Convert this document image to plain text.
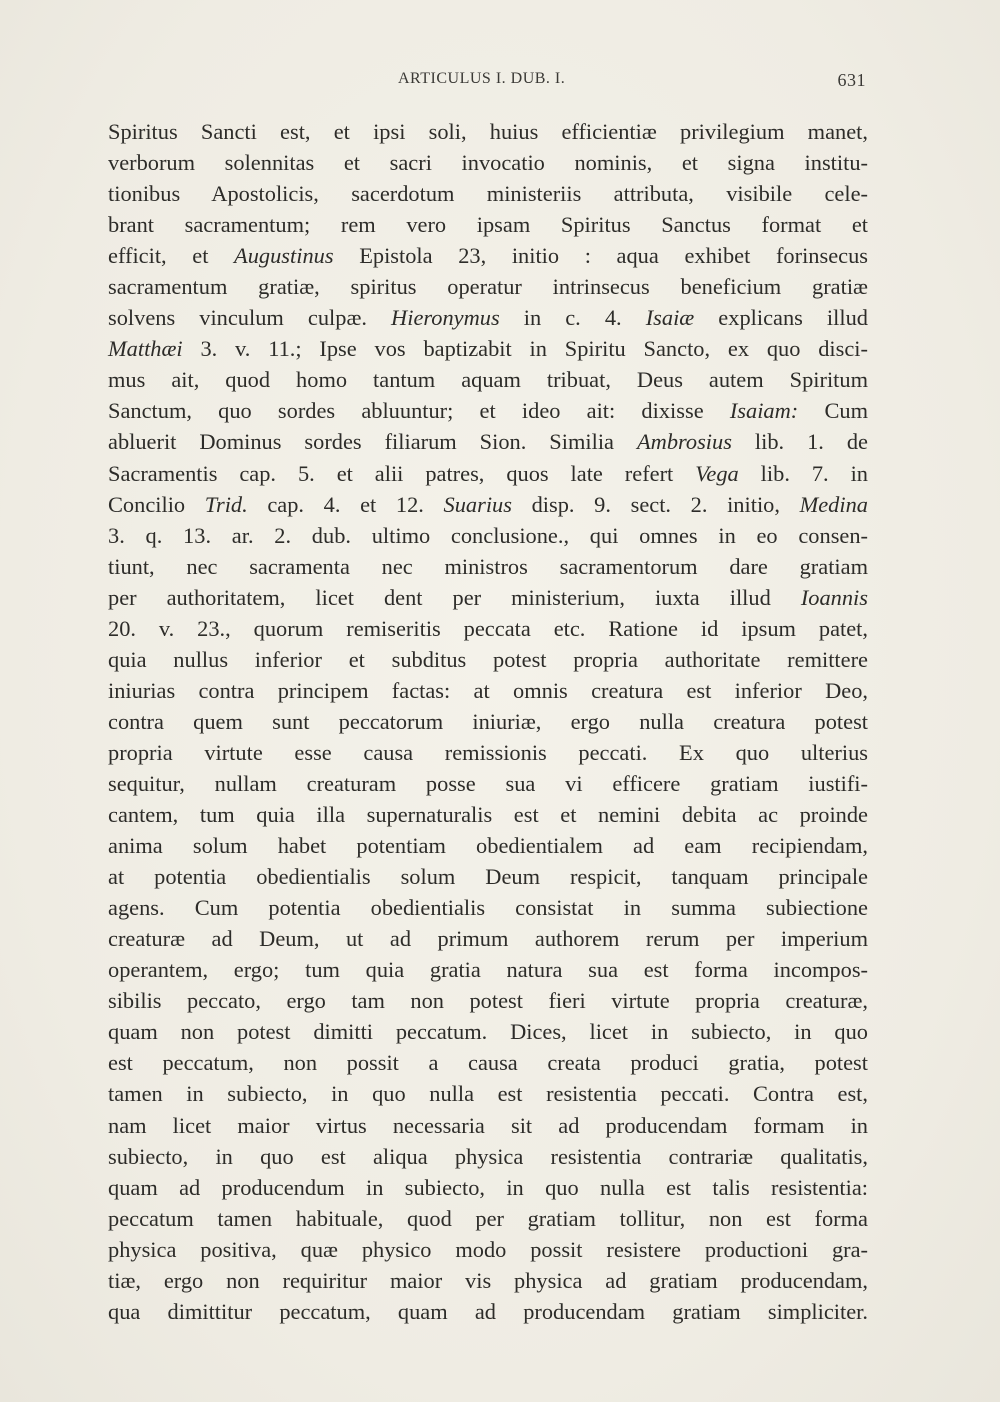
ARTICULUS I. DUB. I.	631
Spiritus Sancti est, et ipsi soli, huius efficientiæ privilegium manet,
verborum solennitas et sacri invocatio nominis, et signa institu-
tionibus Apostolicis, sacerdotum ministeriis attributa, visibile cele-
brant sacramentum; rem vero ipsam Spiritus Sanctus format et
efficit, et Augustinus Epistola 23, initio : aqua exhibet forinsecus
sacramentum gratiæ, spiritus operatur intrinsecus beneficium gratiæ
solvens vinculum culpæ. Hieronymus in c. 4. Isaiæ explicans illud
Matthæi 3. v. 11.; Ipse vos baptizabit in Spiritu Sancto, ex quo disci-
mus ait, quod homo tantum aquam tribuat, Deus autem Spiritum
Sanctum, quo sordes abluuntur; et ideo ait: dixisse Isaiam: Cum
abluerit Dominus sordes filiarum Sion. Similia Ambrosius lib. 1. de
Sacramentis cap. 5. et alii patres, quos late refert Vega lib. 7. in
Concilio Trid. cap. 4. et 12. Suarius disp. 9. sect. 2. initio, Medina
3. q. 13. ar. 2. dub. ultimo conclusione., qui omnes in eo consen-
tiunt, nec sacramenta nec ministros sacramentorum dare gratiam
per authoritatem, licet dent per ministerium, iuxta illud Ioannis
20. v. 23., quorum remiseritis peccata etc. Ratione id ipsum patet,
quia nullus inferior et subditus potest propria authoritate remittere
iniurias contra principem factas: at omnis creatura est inferior Deo,
contra quem sunt peccatorum iniuriæ, ergo nulla creatura potest
propria virtute esse causa remissionis peccati. Ex quo ulterius
sequitur, nullam creaturam posse sua vi efficere gratiam iustifi-
cantem, tum quia illa supernaturalis est et nemini debita ac proinde
anima solum habet potentiam obedientialem ad eam recipiendam,
at potentia obedientialis solum Deum respicit, tanquam principale
agens. Cum potentia obedientialis consistat in summa subiectione
creaturæ ad Deum, ut ad primum authorem rerum per imperium
operantem, ergo; tum quia gratia natura sua est forma incompos-
sibilis peccato, ergo tam non potest fieri virtute propria creaturæ,
quam non potest dimitti peccatum. Dices, licet in subiecto, in quo
est peccatum, non possit a causa creata produci gratia, potest
tamen in subiecto, in quo nulla est resistentia peccati. Contra est,
nam licet maior virtus necessaria sit ad producendam formam in
subiecto, in quo est aliqua physica resistentia contrariæ qualitatis,
quam ad producendum in subiecto, in quo nulla est talis resistentia:
peccatum tamen habituale, quod per gratiam tollitur, non est forma
physica positiva, quæ physico modo possit resistere productioni gra-
tiæ, ergo non requiritur maior vis physica ad gratiam producendam,
qua dimittitur peccatum, quam ad producendam gratiam simpliciter.
